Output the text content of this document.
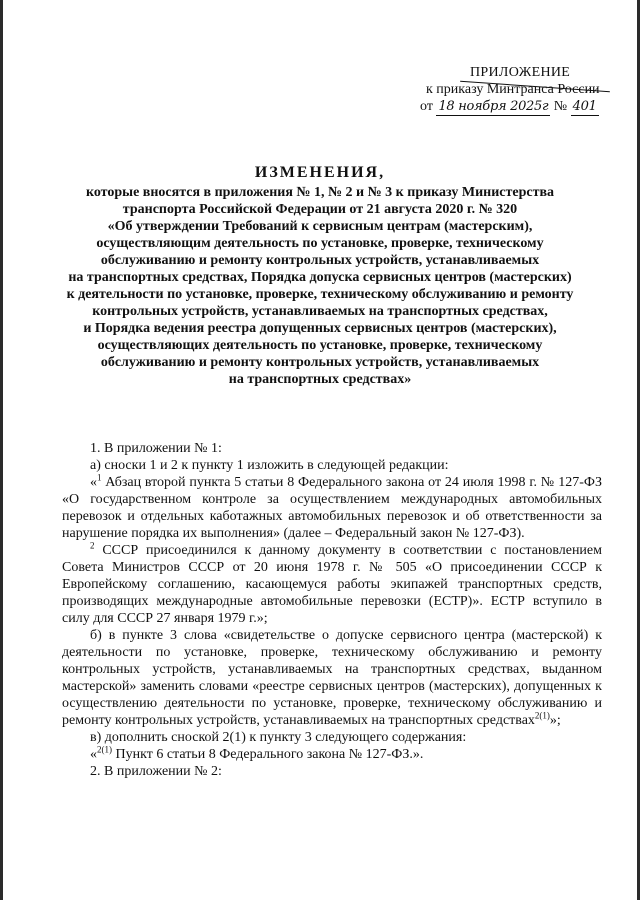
ПРИЛОЖЕНИЕ
к приказу Минтранса России
от 18 ноября 2025г № 401
ИЗМЕНЕНИЯ,
которые вносятся в приложения № 1, № 2 и № 3 к приказу Министерства
транспорта Российской Федерации от 21 августа 2020 г. № 320
«Об утверждении Требований к сервисным центрам (мастерским),
осуществляющим деятельность по установке, проверке, техническому
обслуживанию и ремонту контрольных устройств, устанавливаемых
на транспортных средствах, Порядка допуска сервисных центров (мастерских)
к деятельности по установке, проверке, техническому обслуживанию и ремонту
контрольных устройств, устанавливаемых на транспортных средствах,
и Порядка ведения реестра допущенных сервисных центров (мастерских),
осуществляющих деятельность по установке, проверке, техническому
обслуживанию и ремонту контрольных устройств, устанавливаемых
на транспортных средствах»

1. В приложении № 1:

а) сноски 1 и 2 к пункту 1 изложить в следующей редакции:

«$^1$ Абзац второй пункта 5 статьи 8 Федерального закона от 24 июля 1998 г. № 127-ФЗ «О государственном контроле за осуществлением международных автомобильных перевозок и отдельных каботажных автомобильных перевозок и об ответственности за нарушение порядка их выполнения» (далее – Федеральный закон № 127-ФЗ).

$^2$ СССР присоединился к данному документу в соответствии с постановлением Совета Министров СССР от 20 июня 1978 г. № 505 «О присоединении СССР к Европейскому соглашению, касающемуся работы экипажей транспортных средств, производящих международные автомобильные перевозки (ЕСТР)». ЕСТР вступило в силу для СССР 27 января 1979 г.»;

б) в пункте 3 слова «свидетельстве о допуске сервисного центра (мастерской) к деятельности по установке, проверке, техническому обслуживанию и ремонту контрольных устройств, устанавливаемых на транспортных средствах, выданном мастерской» заменить словами «реестре сервисных центров (мастерских), допущенных к осуществлению деятельности по установке, проверке, техническому обслуживанию и ремонту контрольных устройств, устанавливаемых на транспортных средствах$^{2(1)}$»;

в) дополнить сноской 2(1) к пункту 3 следующего содержания:

«$^{2(1)}$ Пункт 6 статьи 8 Федерального закона № 127-ФЗ.».

2. В приложении № 2:
